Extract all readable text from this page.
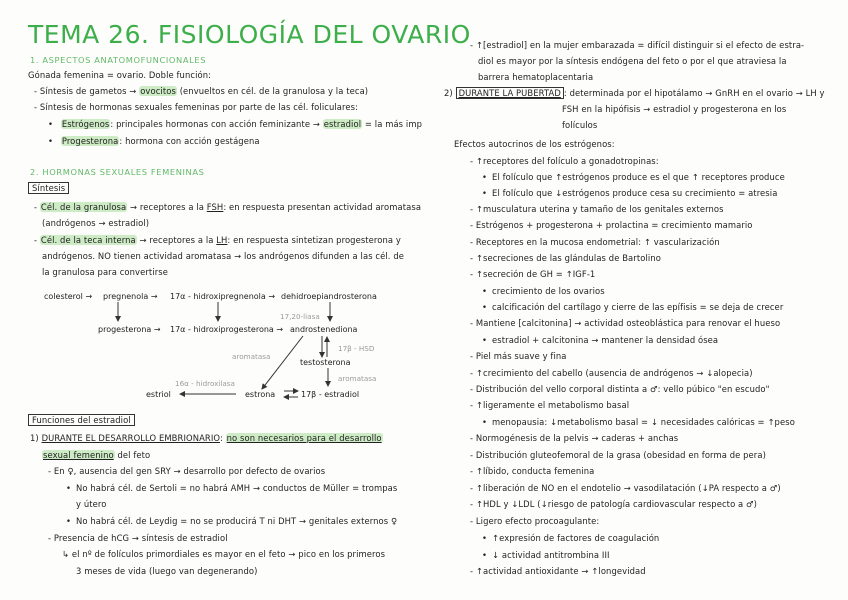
TEMA 26. FISIOLOGÍA DEL OVARIO
1. ASPECTOS ANATOMOFUNCIONALES
Gónada femenina = ovario. Doble función:
- Síntesis de gametos → ovocitos (envueltos en cél. de la granulosa y la teca)
- Síntesis de hormonas sexuales femeninas por parte de las cél. foliculares:
• Estrógenos: principales hormonas con acción feminizante → estradiol = la más imp
• Progesterona: hormona con acción gestágena
2. HORMONAS SEXUALES FEMENINAS
Síntesis
- Cél. de la granulosa → receptores a la FSH: en respuesta presentan actividad aromatasa
(andrógenos → estradiol)
- Cél. de la teca interna → receptores a la LH: en respuesta sintetizan progesterona y
andrógenos. NO tienen actividad aromatasa → los andrógenos difunden a las cél. de
la granulosa para convertirse
colesterol → pregnenola → 17α - hidroxipregnenola → dehidroepiandrosterona
progesterona → 17α - hidroxiprogesterona → androstenediona
17,20-liasa
17β - HSD
aromatasa
testosterona
aromatasa
16α - hidroxilasa
estriol	estrona	17β - estradiol
Funciones del estradiol
1) DURANTE EL DESARROLLO EMBRIONARIO: no son necesarios para el desarrollo
sexual femenino del feto
- En ♀, ausencia del gen SRY → desarrollo por defecto de ovarios
• No habrá cél. de Sertoli = no habrá AMH → conductos de Müller = trompas
y útero
• No habrá cél. de Leydig = no se producirá T ni DHT → genitales externos ♀
- Presencia de hCG → síntesis de estradiol
↳ el nº de folículos primordiales es mayor en el feto → pico en los primeros
3 meses de vida (luego van degenerando)
- ↑[estradiol] en la mujer embarazada = difícil distinguir si el efecto de estra-
diol es mayor por la síntesis endógena del feto o por el que atraviesa la
barrera hematoplacentaria
2) DURANTE LA PUBERTAD : determinada por el hipotálamo → GnRH en el ovario → LH y
FSH en la hipófisis → estradiol y progesterona en los
folículos
Efectos autocrinos de los estrógenos:
- ↑receptores del folículo a gonadotropinas:
• El folículo que ↑estrógenos produce es el que ↑ receptores produce
• El folículo que ↓estrógenos produce cesa su crecimiento = atresia
- ↑musculatura uterina y tamaño de los genitales externos
- Estrógenos + progesterona + prolactina = crecimiento mamario
- Receptores en la mucosa endometrial: ↑ vascularización
- ↑secreciones de las glándulas de Bartolino
- ↑secreción de GH = ↑IGF-1
• crecimiento de los ovarios
• calcificación del cartílago y cierre de las epífisis = se deja de crecer
- Mantiene [calcitonina] → actividad osteoblástica para renovar el hueso
• estradiol + calcitonina → mantener la densidad ósea
- Piel más suave y fina
- ↑crecimiento del cabello (ausencia de andrógenos → ↓alopecia)
- Distribución del vello corporal distinta a ♂: vello púbico "en escudo"
- ↑ligeramente el metabolismo basal
• menopausia: ↓metabolismo basal = ↓ necesidades calóricas = ↑peso
- Normogénesis de la pelvis → caderas + anchas
- Distribución gluteofemoral de la grasa (obesidad en forma de pera)
- ↑líbido, conducta femenina
- ↑liberación de NO en el endotelio → vasodilatación (↓PA respecto a ♂)
- ↑HDL y ↓LDL (↓riesgo de patología cardiovascular respecto a ♂)
- Ligero efecto procoagulante:
• ↑expresión de factores de coagulación
• ↓ actividad antitrombina III
- ↑actividad antioxidante → ↑longevidad
